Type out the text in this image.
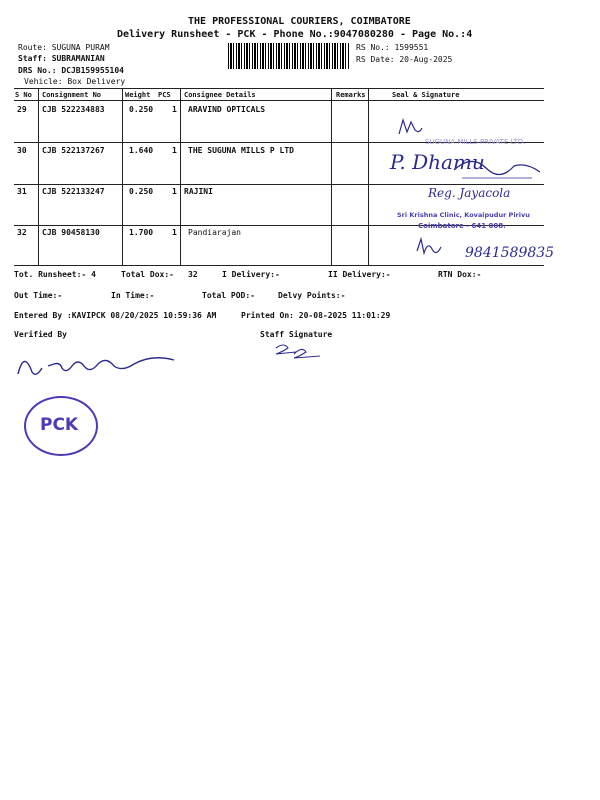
THE PROFESSIONAL COURIERS, COIMBATORE
Delivery Runsheet - PCK - Phone No.:9047080280 - Page No.:4
Route: SUGUNA PURAM
Staff: SUBRAMANIAN
DRS No.: DCJB159955104
Vehicle: Box Delivery
RS No.: 1599551
RS Date: 20-Aug-2025
S No Consignment No	Weight PCS Consignee Details	Remarks	Seal & Signature
29 CJB 522234883	0.250 1 ARAVIND OPTICALS
30 CJB 522137267	1.640 1 THE SUGUNA MILLS P LTD
31 CJB 522133247	0.250 1 RAJINI
32 CJB 90458130	1.700 1 Pandiarajan
SUGUNA MILLS PRIVATE LTD.
P. Dhamu
Reg. Jayacola
Sri Krishna Clinic, Kovaipudur Pirivu
Coimbatore - 641 008.
9841589835
Tot. Runsheet:- 4	Total Dox:- 32	I Delivery:-	II Delivery:-	RTN Dox:-
Out Time:-	In Time:-	Total POD:-	Delvy Points:-
Entered By :KAVIPCK 08/20/2025 10:59:36 AM	Printed On: 20-08-2025 11:01:29
Verified By	Staff Signature
PCK
